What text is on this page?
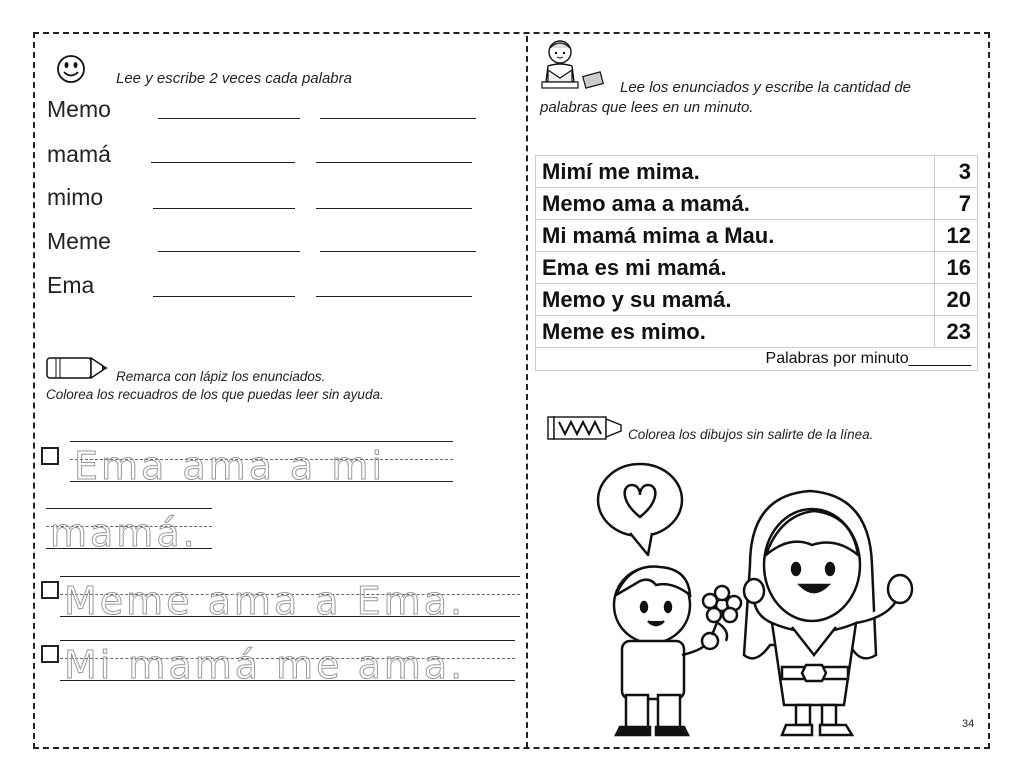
Lee y escribe 2 veces cada palabra
Memo
mamá
mimo
Meme
Ema
Remarca con lápiz los enunciados.
Colorea los recuadros de los que puedas leer sin ayuda.
Ema ama a mi
mamá.
Meme ama a Ema.
Mi mamá me ama.
Lee los enunciados y escribe la cantidad de
palabras que lees en un minuto.
Mimí me mima.	3
Memo ama a mamá.	7
Mi mamá mima a Mau.	12
Ema es mi mamá.	16
Memo y su mamá.	20
Meme es mimo.	23
Palabras por minuto_______	
Colorea los dibujos sin salirte de la línea.
34
